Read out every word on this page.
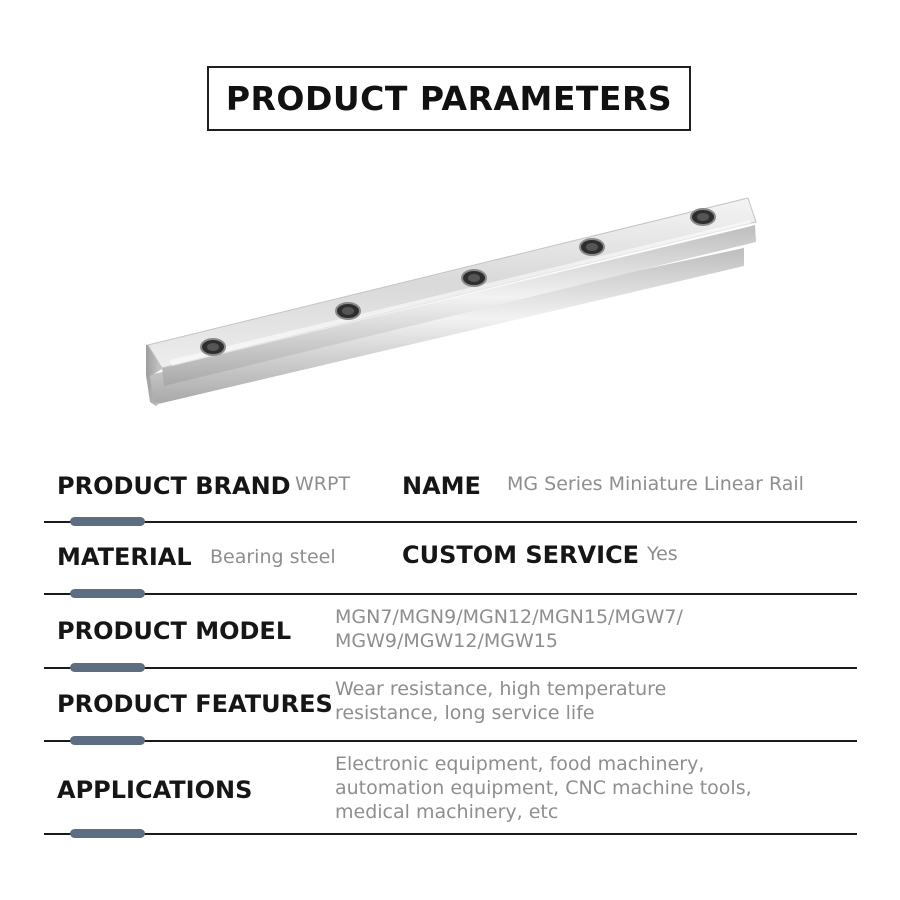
PRODUCT PARAMETERS
PRODUCT BRAND WRPT NAME MG Series Miniature Linear Rail
MATERIAL Bearing steel	CUSTOM SERVICE Yes
PRODUCT MODEL MGN7/MGN9/MGN12/MGN15/MGW7/
MGW9/MGW12/MGW15
PRODUCT FEATURES
Wear resistance, high temperature
resistance, long service life
APPLICATIONS
Electronic equipment, food machinery,
automation equipment, CNC machine tools,
medical machinery, etc
